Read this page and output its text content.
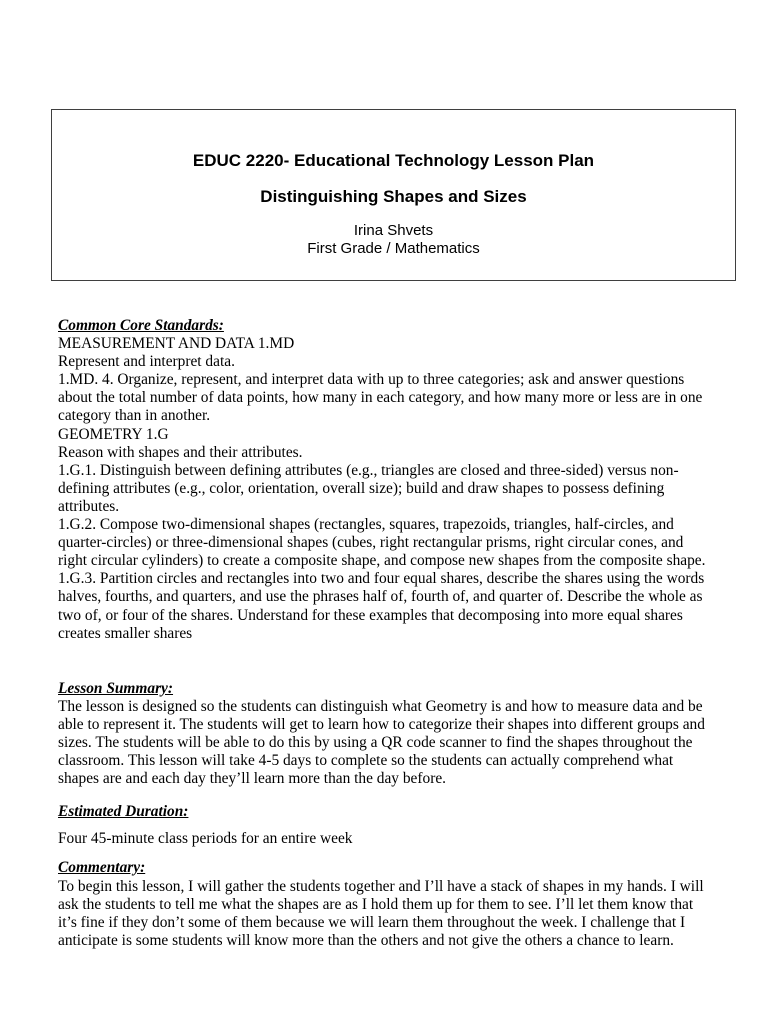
EDUC 2220- Educational Technology Lesson Plan
Distinguishing Shapes and Sizes
Irina Shvets
First Grade / Mathematics
Common Core Standards:

MEASUREMENT AND DATA 1.MD

Represent and interpret data.

1.MD. 4. Organize, represent, and interpret data with up to three categories; ask and answer questions about the total number of data points, how many in each category, and how many more or less are in one category than in another.

GEOMETRY 1.G

Reason with shapes and their attributes.

1.G.1. Distinguish between defining attributes (e.g., triangles are closed and three-sided) versus non-defining attributes (e.g., color, orientation, overall size); build and draw shapes to possess defining attributes.

1.G.2. Compose two-dimensional shapes (rectangles, squares, trapezoids, triangles, half-circles, and quarter-circles) or three-dimensional shapes (cubes, right rectangular prisms, right circular cones, and right circular cylinders) to create a composite shape, and compose new shapes from the composite shape.

1.G.3. Partition circles and rectangles into two and four equal shares, describe the shares using the words halves, fourths, and quarters, and use the phrases half of, fourth of, and quarter of. Describe the whole as two of, or four of the shares. Understand for these examples that decomposing into more equal shares creates smaller shares

Lesson Summary:

The lesson is designed so the students can distinguish what Geometry is and how to measure data and be able to represent it. The students will get to learn how to categorize their shapes into different groups and sizes. The students will be able to do this by using a QR code scanner to find the shapes throughout the classroom. This lesson will take 4-5 days to complete so the students can actually comprehend what shapes are and each day they’ll learn more than the day before.

Estimated Duration:

Four 45-minute class periods for an entire week

Commentary:

To begin this lesson, I will gather the students together and I’ll have a stack of shapes in my hands. I will ask the students to tell me what the shapes are as I hold them up for them to see. I’ll let them know that it’s fine if they don’t some of them because we will learn them throughout the week. I challenge that I anticipate is some students will know more than the others and not give the others a chance to learn.
